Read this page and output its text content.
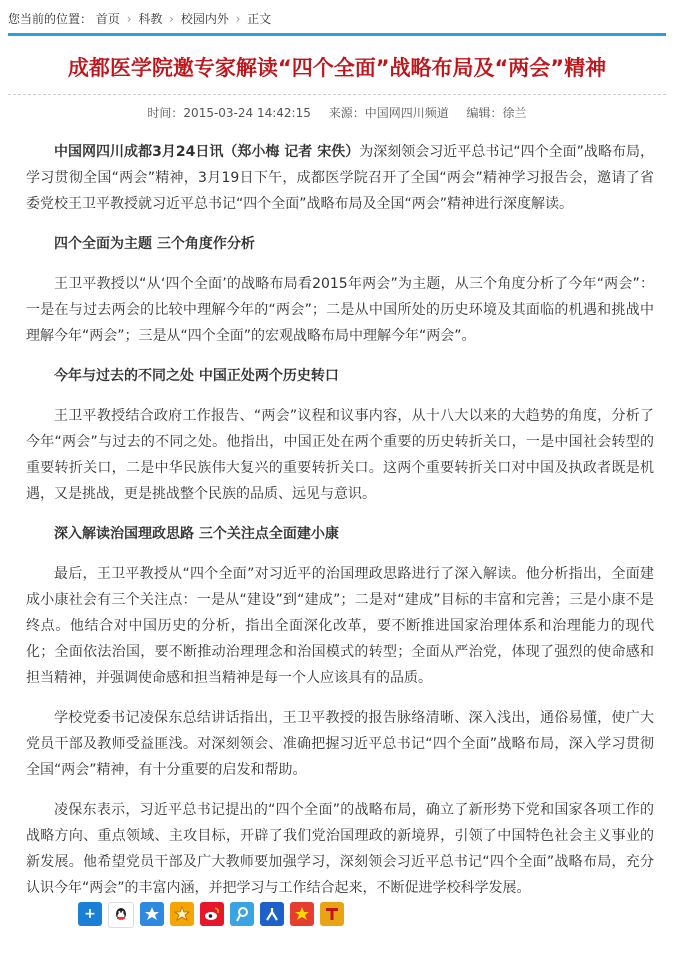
您当前的位置： 首页 › 科教 › 校园内外 › 正文
成都医学院邀专家解读“四个全面”战略布局及“两会”精神
时间：2015-03-24 14:42:15 来源：中国网四川频道 编辑：徐兰

中国网四川成都3月24日讯（郑小梅 记者 宋佚）为深刻领会习近平总书记“四个全面”战略布局，学习贯彻全国“两会”精神，3月19日下午，成都医学院召开了全国“两会”精神学习报告会，邀请了省委党校王卫平教授就习近平总书记“四个全面”战略布局及全国“两会”精神进行深度解读。

四个全面为主题 三个角度作分析

王卫平教授以“从‘四个全面’的战略布局看2015年两会”为主题，从三个角度分析了今年“两会”：一是在与过去两会的比较中理解今年的“两会”；二是从中国所处的历史环境及其面临的机遇和挑战中理解今年“两会”；三是从“四个全面”的宏观战略布局中理解今年“两会”。

今年与过去的不同之处 中国正处两个历史转口

王卫平教授结合政府工作报告、“两会”议程和议事内容，从十八大以来的大趋势的角度，分析了今年“两会”与过去的不同之处。他指出，中国正处在两个重要的历史转折关口，一是中国社会转型的重要转折关口，二是中华民族伟大复兴的重要转折关口。这两个重要转折关口对中国及执政者既是机遇，又是挑战，更是挑战整个民族的品质、远见与意识。

深入解读治国理政思路 三个关注点全面建小康

最后，王卫平教授从“四个全面”对习近平的治国理政思路进行了深入解读。他分析指出，全面建成小康社会有三个关注点：一是从“建设”到“建成”；二是对“建成”目标的丰富和完善；三是小康不是终点。他结合对中国历史的分析，指出全面深化改革，要不断推进国家治理体系和治理能力的现代化；全面依法治国，要不断推动治理理念和治国模式的转型；全面从严治党，体现了强烈的使命感和担当精神，并强调使命感和担当精神是每一个人应该具有的品质。

学校党委书记凌保东总结讲话指出，王卫平教授的报告脉络清晰、深入浅出，通俗易懂，使广大党员干部及教师受益匪浅。对深刻领会、准确把握习近平总书记“四个全面”战略布局，深入学习贯彻全国“两会”精神，有十分重要的启发和帮助。

凌保东表示，习近平总书记提出的“四个全面”的战略布局，确立了新形势下党和国家各项工作的战略方向、重点领域、主攻目标，开辟了我们党治国理政的新境界，引领了中国特色社会主义事业的新发展。他希望党员干部及广大教师要加强学习，深刻领会习近平总书记“四个全面”战略布局，充分认识今年“两会”的丰富内涵，并把学习与工作结合起来，不断促进学校科学发展。

+
